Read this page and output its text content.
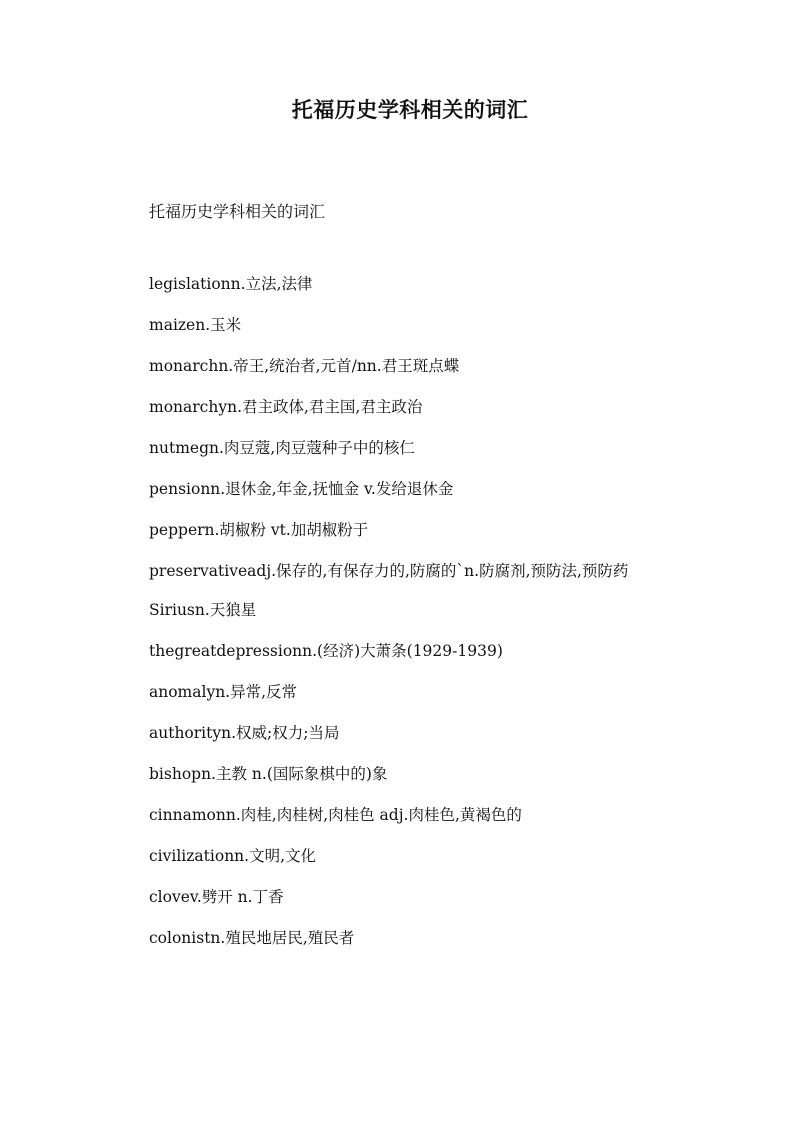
托福历史学科相关的词汇
托福历史学科相关的词汇
legislationn.立法,法律
maizen.玉米
monarchn.帝王,统治者,元首/nn.君王斑点蝶
monarchyn.君主政体,君主国,君主政治
nutmegn.肉豆蔻,肉豆蔻种子中的核仁
pensionn.退休金,年金,抚恤金 v.发给退休金
peppern.胡椒粉 vt.加胡椒粉于
preservativeadj.保存的,有保存力的,防腐的`n.防腐剂,预防法,预防药
Siriusn.天狼星
thegreatdepressionn.(经济)大萧条(1929-1939)
anomalyn.异常,反常
authorityn.权威;权力;当局
bishopn.主教 n.(国际象棋中的)象
cinnamonn.肉桂,肉桂树,肉桂色 adj.肉桂色,黄褐色的
civilizationn.文明,文化
clovev.劈开 n.丁香
colonistn.殖民地居民,殖民者
